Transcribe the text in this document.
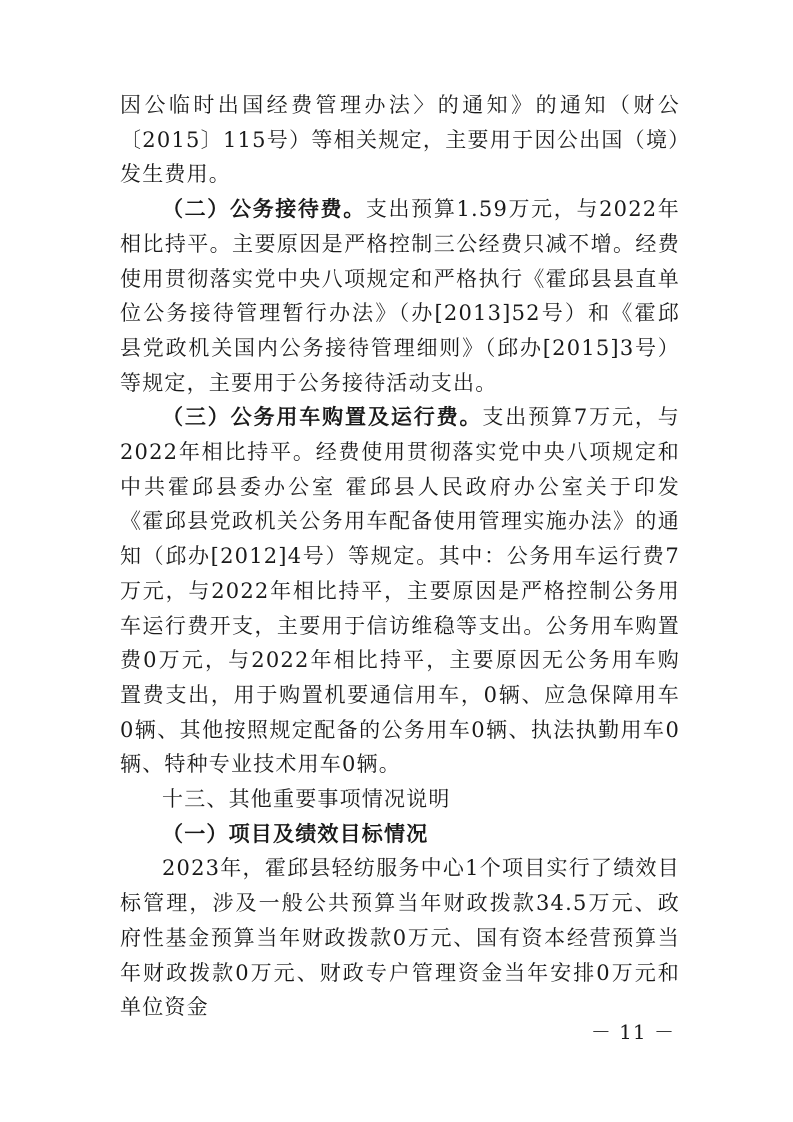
因公临时出国经费管理办法〉的通知》的通知（财公〔2015〕115号）等相关规定，主要用于因公出国（境）发生费用。

（二）公务接待费。支出预算1.59万元，与2022年相比持平。主要原因是严格控制三公经费只减不增。经费使用贯彻落实党中央八项规定和严格执行《霍邱县县直单位公务接待管理暂行办法》（办[2013]52号）和《霍邱县党政机关国内公务接待管理细则》（邱办[2015]3号）等规定，主要用于公务接待活动支出。

（三）公务用车购置及运行费。支出预算7万元，与2022年相比持平。经费使用贯彻落实党中央八项规定和中共霍邱县委办公室 霍邱县人民政府办公室关于印发《霍邱县党政机关公务用车配备使用管理实施办法》的通知（邱办[2012]4号）等规定。其中：公务用车运行费7万元，与2022年相比持平，主要原因是严格控制公务用车运行费开支，主要用于信访维稳等支出。公务用车购置费0万元，与2022年相比持平，主要原因无公务用车购置费支出，用于购置机要通信用车，0辆、应急保障用车0辆、其他按照规定配备的公务用车0辆、执法执勤用车0辆、特种专业技术用车0辆。

十三、其他重要事项情况说明

（一）项目及绩效目标情况

2023年，霍邱县轻纺服务中心1个项目实行了绩效目标管理，涉及一般公共预算当年财政拨款34.5万元、政府性基金预算当年财政拨款0万元、国有资本经营预算当年财政拨款0万元、财政专户管理资金当年安排0万元和单位资金

－ 11 －
